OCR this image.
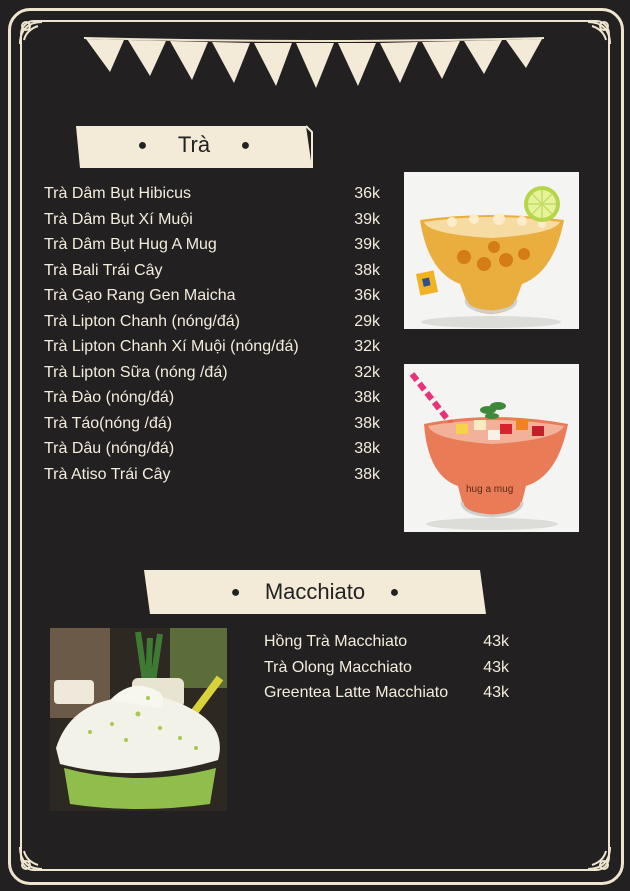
● Trà ●
Trà Dâm Bụt Hibicus	36k
Trà Dâm Bụt Xí Muội	39k
Trà Dâm Bụt Hug A Mug	39k
Trà Bali Trái Cây	38k
Trà Gạo Rang Gen Maicha	36k
Trà Lipton Chanh (nóng/đá)	29k
Trà Lipton Chanh Xí Muội (nóng/đá)	32k
Trà Lipton Sữa (nóng /đá)	32k
Trà Đào (nóng/đá)	38k
Trà Táo(nóng /đá)	38k
Trà Dâu (nóng/đá)	38k
Trà Atiso Trái Cây	38k
hug a mug
● Macchiato ●
Hồng Trà Macchiato	43k
Trà Olong Macchiato	43k
Greentea Latte Macchiato 43k
